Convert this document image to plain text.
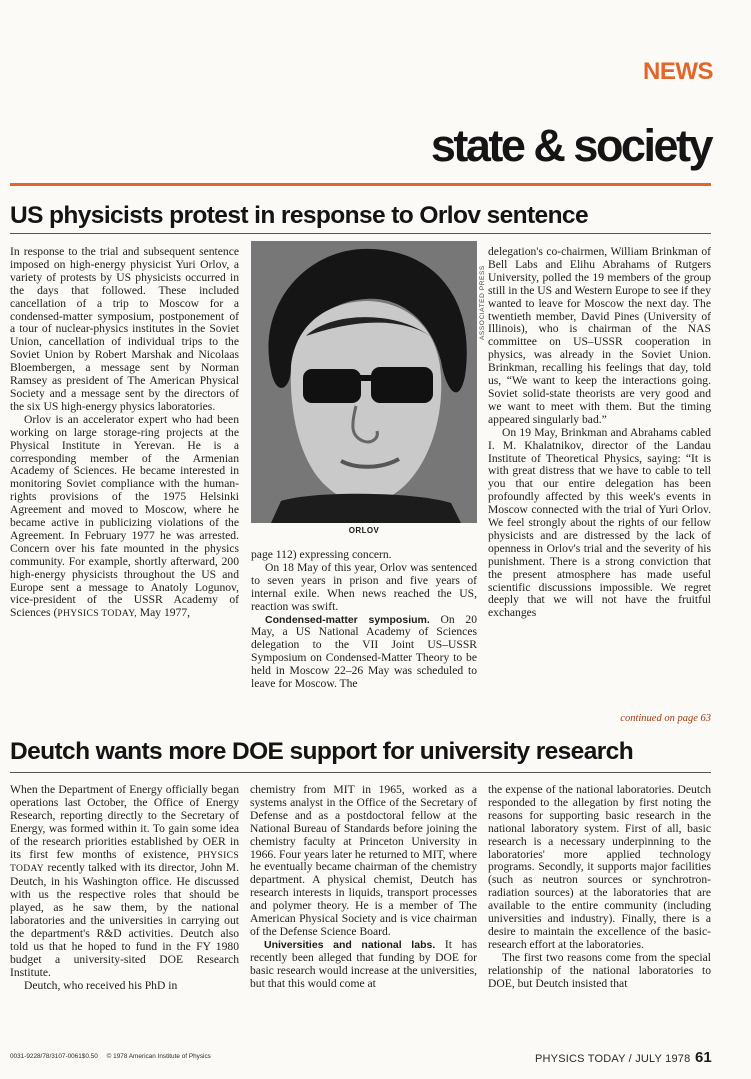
NEWS
state & society
US physicists protest in response to Orlov sentence

In response to the trial and subsequent sentence imposed on high-energy physicist Yuri Orlov, a variety of protests by US physicists occurred in the days that followed. These included cancellation of a trip to Moscow for a condensed-matter symposium, postponement of a tour of nuclear-physics institutes in the Soviet Union, cancellation of individual trips to the Soviet Union by Robert Marshak and Nicolaas Bloembergen, a message sent by Norman Ramsey as president of The American Physical Society and a message sent by the directors of the six US high-energy physics laboratories.

Orlov is an accelerator expert who had been working on large storage-ring projects at the Physical Institute in Yerevan. He is a corresponding member of the Armenian Academy of Sciences. He became interested in monitoring Soviet compliance with the human-rights provisions of the 1975 Helsinki Agreement and moved to Moscow, where he became active in publicizing violations of the Agreement. In February 1977 he was arrested. Concern over his fate mounted in the physics community. For example, shortly afterward, 200 high-energy physicists throughout the US and Europe sent a message to Anatoly Logunov, vice-president of the USSR Academy of Sciences (PHYSICS TODAY, May 1977,

ASSOCIATED PRESS
ORLOV

page 112) expressing concern.

On 18 May of this year, Orlov was sentenced to seven years in prison and five years of internal exile. When news reached the US, reaction was swift.

Condensed-matter symposium. On 20 May, a US National Academy of Sciences delegation to the VII Joint US–USSR Symposium on Condensed-Matter Theory to be held in Moscow 22–26 May was scheduled to leave for Moscow. The

delegation's co-chairmen, William Brinkman of Bell Labs and Elihu Abrahams of Rutgers University, polled the 19 members of the group still in the US and Western Europe to see if they wanted to leave for Moscow the next day. The twentieth member, David Pines (University of Illinois), who is chairman of the NAS committee on US–USSR cooperation in physics, was already in the Soviet Union. Brinkman, recalling his feelings that day, told us, “We want to keep the interactions going. Soviet solid-state theorists are very good and we want to meet with them. But the timing appeared singularly bad.”

On 19 May, Brinkman and Abrahams cabled I. M. Khalatnikov, director of the Landau Institute of Theoretical Physics, saying: “It is with great distress that we have to cable to tell you that our entire delegation has been profoundly affected by this week's events in Moscow connected with the trial of Yuri Orlov. We feel strongly about the rights of our fellow physicists and are distressed by the lack of openness in Orlov's trial and the severity of his punishment. There is a strong conviction that the present atmosphere has made useful scientific discussions impossible. We regret deeply that we will not have the fruitful exchanges

continued on page 63
Deutch wants more DOE support for university research

When the Department of Energy officially began operations last October, the Office of Energy Research, reporting directly to the Secretary of Energy, was formed within it. To gain some idea of the research priorities established by OER in its first few months of existence, PHYSICS TODAY recently talked with its director, John M. Deutch, in his Washington office. He discussed with us the respective roles that should be played, as he saw them, by the national laboratories and the universities in carrying out the department's R&D activities. Deutch also told us that he hoped to fund in the FY 1980 budget a university-sited DOE Research Institute.

Deutch, who received his PhD in

chemistry from MIT in 1965, worked as a systems analyst in the Office of the Secretary of Defense and as a postdoctoral fellow at the National Bureau of Standards before joining the chemistry faculty at Princeton University in 1966. Four years later he returned to MIT, where he eventually became chairman of the chemistry department. A physical chemist, Deutch has research interests in liquids, transport processes and polymer theory. He is a member of The American Physical Society and is vice chairman of the Defense Science Board.

Universities and national labs. It has recently been alleged that funding by DOE for basic research would increase at the universities, but that this would come at

the expense of the national laboratories. Deutch responded to the allegation by first noting the reasons for supporting basic research in the national laboratory system. First of all, basic research is a necessary underpinning to the laboratories' more applied technology programs. Secondly, it supports major facilities (such as neutron sources or synchrotron-radiation sources) at the laboratories that are available to the entire community (including universities and industry). Finally, there is a desire to maintain the excellence of the basic-research effort at the laboratories.

The first two reasons come from the special relationship of the national laboratories to DOE, but Deutch insisted that

0031-9228/78/3107-0061$0.50 © 1978 American Institute of Physics	PHYSICS TODAY / JULY 1978 61
